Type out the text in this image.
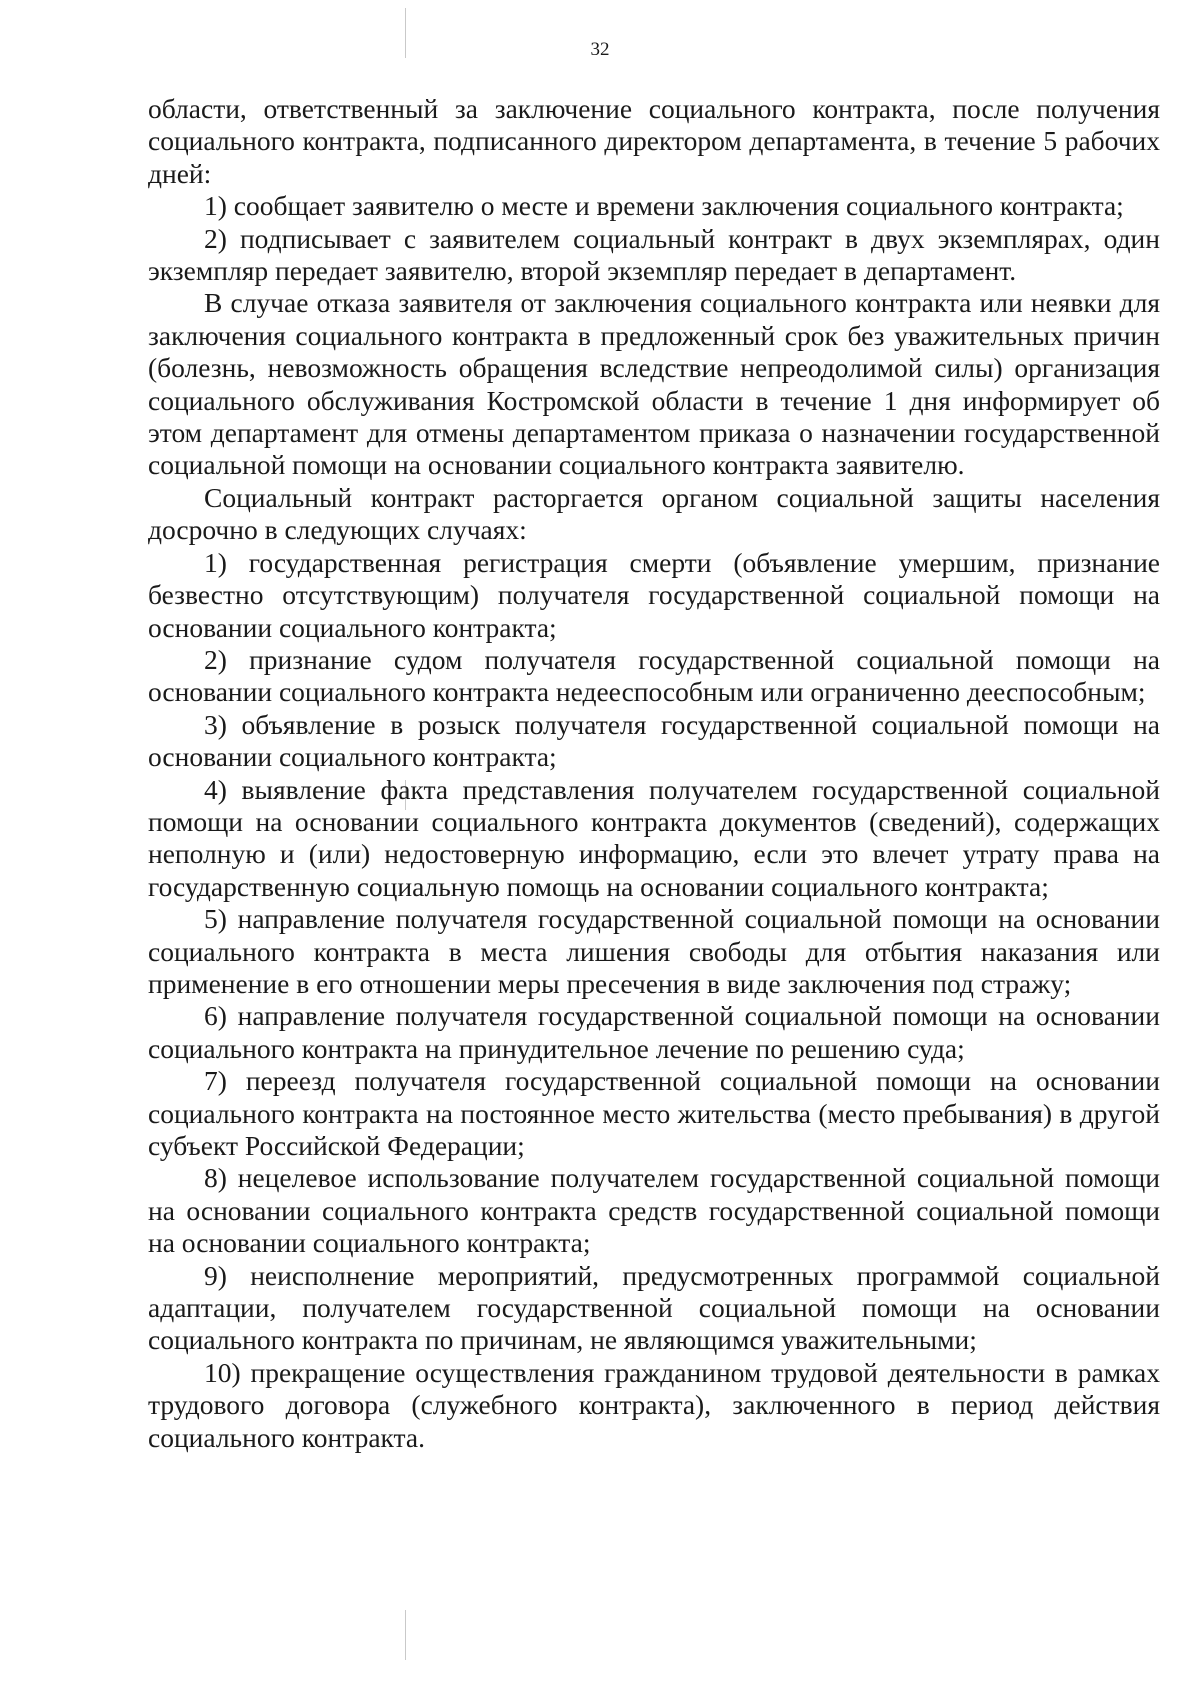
32

области, ответственный за заключение социального контракта, после получения социального контракта, подписанного директором департамента, в течение 5 рабочих дней:

1) сообщает заявителю о месте и времени заключения социального контракта;

2) подписывает с заявителем социальный контракт в двух экземплярах, один экземпляр передает заявителю, второй экземпляр передает в департамент.

В случае отказа заявителя от заключения социального контракта или неявки для заключения социального контракта в предложенный срок без уважительных причин (болезнь, невозможность обращения вследствие непреодолимой силы) организация социального обслуживания Костромской области в течение 1 дня информирует об этом департамент для отмены департаментом приказа о назначении государственной социальной помощи на основании социального контракта заявителю.

Социальный контракт расторгается органом социальной защиты населения досрочно в следующих случаях:

1) государственная регистрация смерти (объявление умершим, признание безвестно отсутствующим) получателя государственной социальной помощи на основании социального контракта;

2) признание судом получателя государственной социальной помощи на основании социального контракта недееспособным или ограниченно дееспособным;

3) объявление в розыск получателя государственной социальной помощи на основании социального контракта;

4) выявление факта представления получателем государственной социальной помощи на основании социального контракта документов (сведений), содержащих неполную и (или) недостоверную информацию, если это влечет утрату права на государственную социальную помощь на основании социального контракта;

5) направление получателя государственной социальной помощи на основании социального контракта в места лишения свободы для отбытия наказания или применение в его отношении меры пресечения в виде заключения под стражу;

6) направление получателя государственной социальной помощи на основании социального контракта на принудительное лечение по решению суда;

7) переезд получателя государственной социальной помощи на основании социального контракта на постоянное место жительства (место пребывания) в другой субъект Российской Федерации;

8) нецелевое использование получателем государственной социальной помощи на основании социального контракта средств государственной социальной помощи на основании социального контракта;

9) неисполнение мероприятий, предусмотренных программой социальной адаптации, получателем государственной социальной помощи на основании социального контракта по причинам, не являющимся уважительными;

10) прекращение осуществления гражданином трудовой деятельности в рамках трудового договора (служебного контракта), заключенного в период действия социального контракта.
